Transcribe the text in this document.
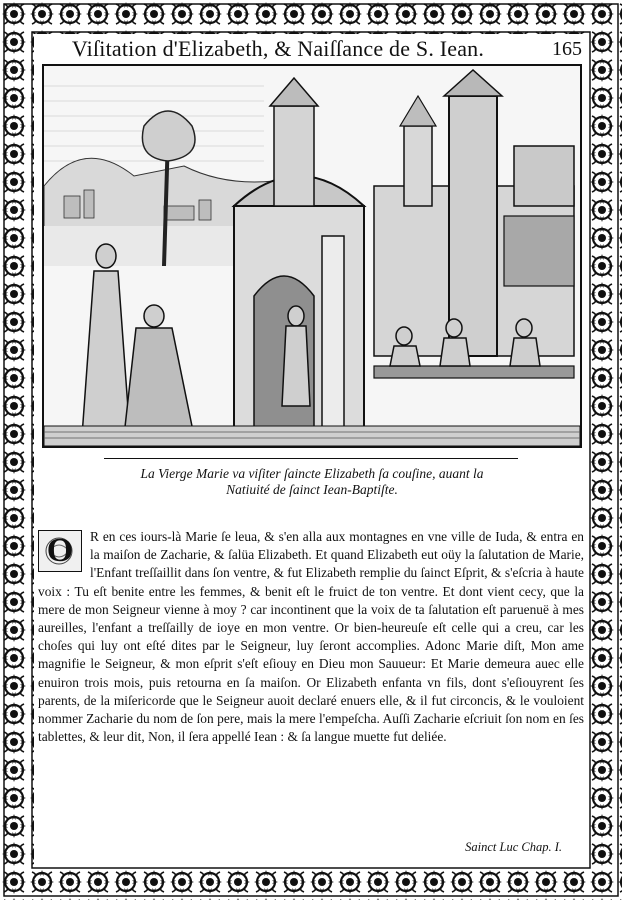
Viſitation d'Elizabeth, & Naiſſance de S. Iean.	165
La Vierge Marie va viſiter ſaincte Elizabeth ſa couſine, auant la
Natiuité de ſainct Iean-Baptiſte.
O	R en ces iours-là Marie ſe leua, & s'en alla aux montagnes en vne ville de Iuda, & entra en la maiſon de Zacharie, & ſalüa Elizabeth. Et quand Elizabeth eut oüy la ſalutation de Marie, l'Enfant treſſaillit dans ſon ventre, & fut Elizabeth remplie du ſainct Eſprit, & s'eſcria à haute voix : Tu eſt benite entre les femmes, & benit eſt le fruict de ton ventre. Et dont vient cecy, que la mere de mon Seigneur vienne à moy ? car incontinent que la voix de ta ſalutation eſt paruenuë à mes aureilles, l'enfant a treſſailly de ioye en mon ventre. Or bien-heureuſe eſt celle qui a creu, car les choſes qui luy ont eſté dites par le Seigneur, luy ſeront accomplies. Adonc Marie diſt, Mon ame magnifie le Seigneur, & mon eſprit s'eſt eſiouy en Dieu mon Sauueur: Et Marie demeura auec elle enuiron trois mois, puis retourna en ſa maiſon. Or Elizabeth enfanta vn fils, dont s'eſiouyrent ſes parents, de la miſericorde que le Seigneur auoit declaré enuers elle, & il fut circoncis, & le vouloient nommer Zacharie du nom de ſon pere, mais la mere l'empeſcha. Auſſi Zacharie eſcriuit ſon nom en ſes tablettes, & leur dit, Non, il ſera appellé Iean : & ſa langue muette fut deliée.
Sainct Luc Chap. I.
